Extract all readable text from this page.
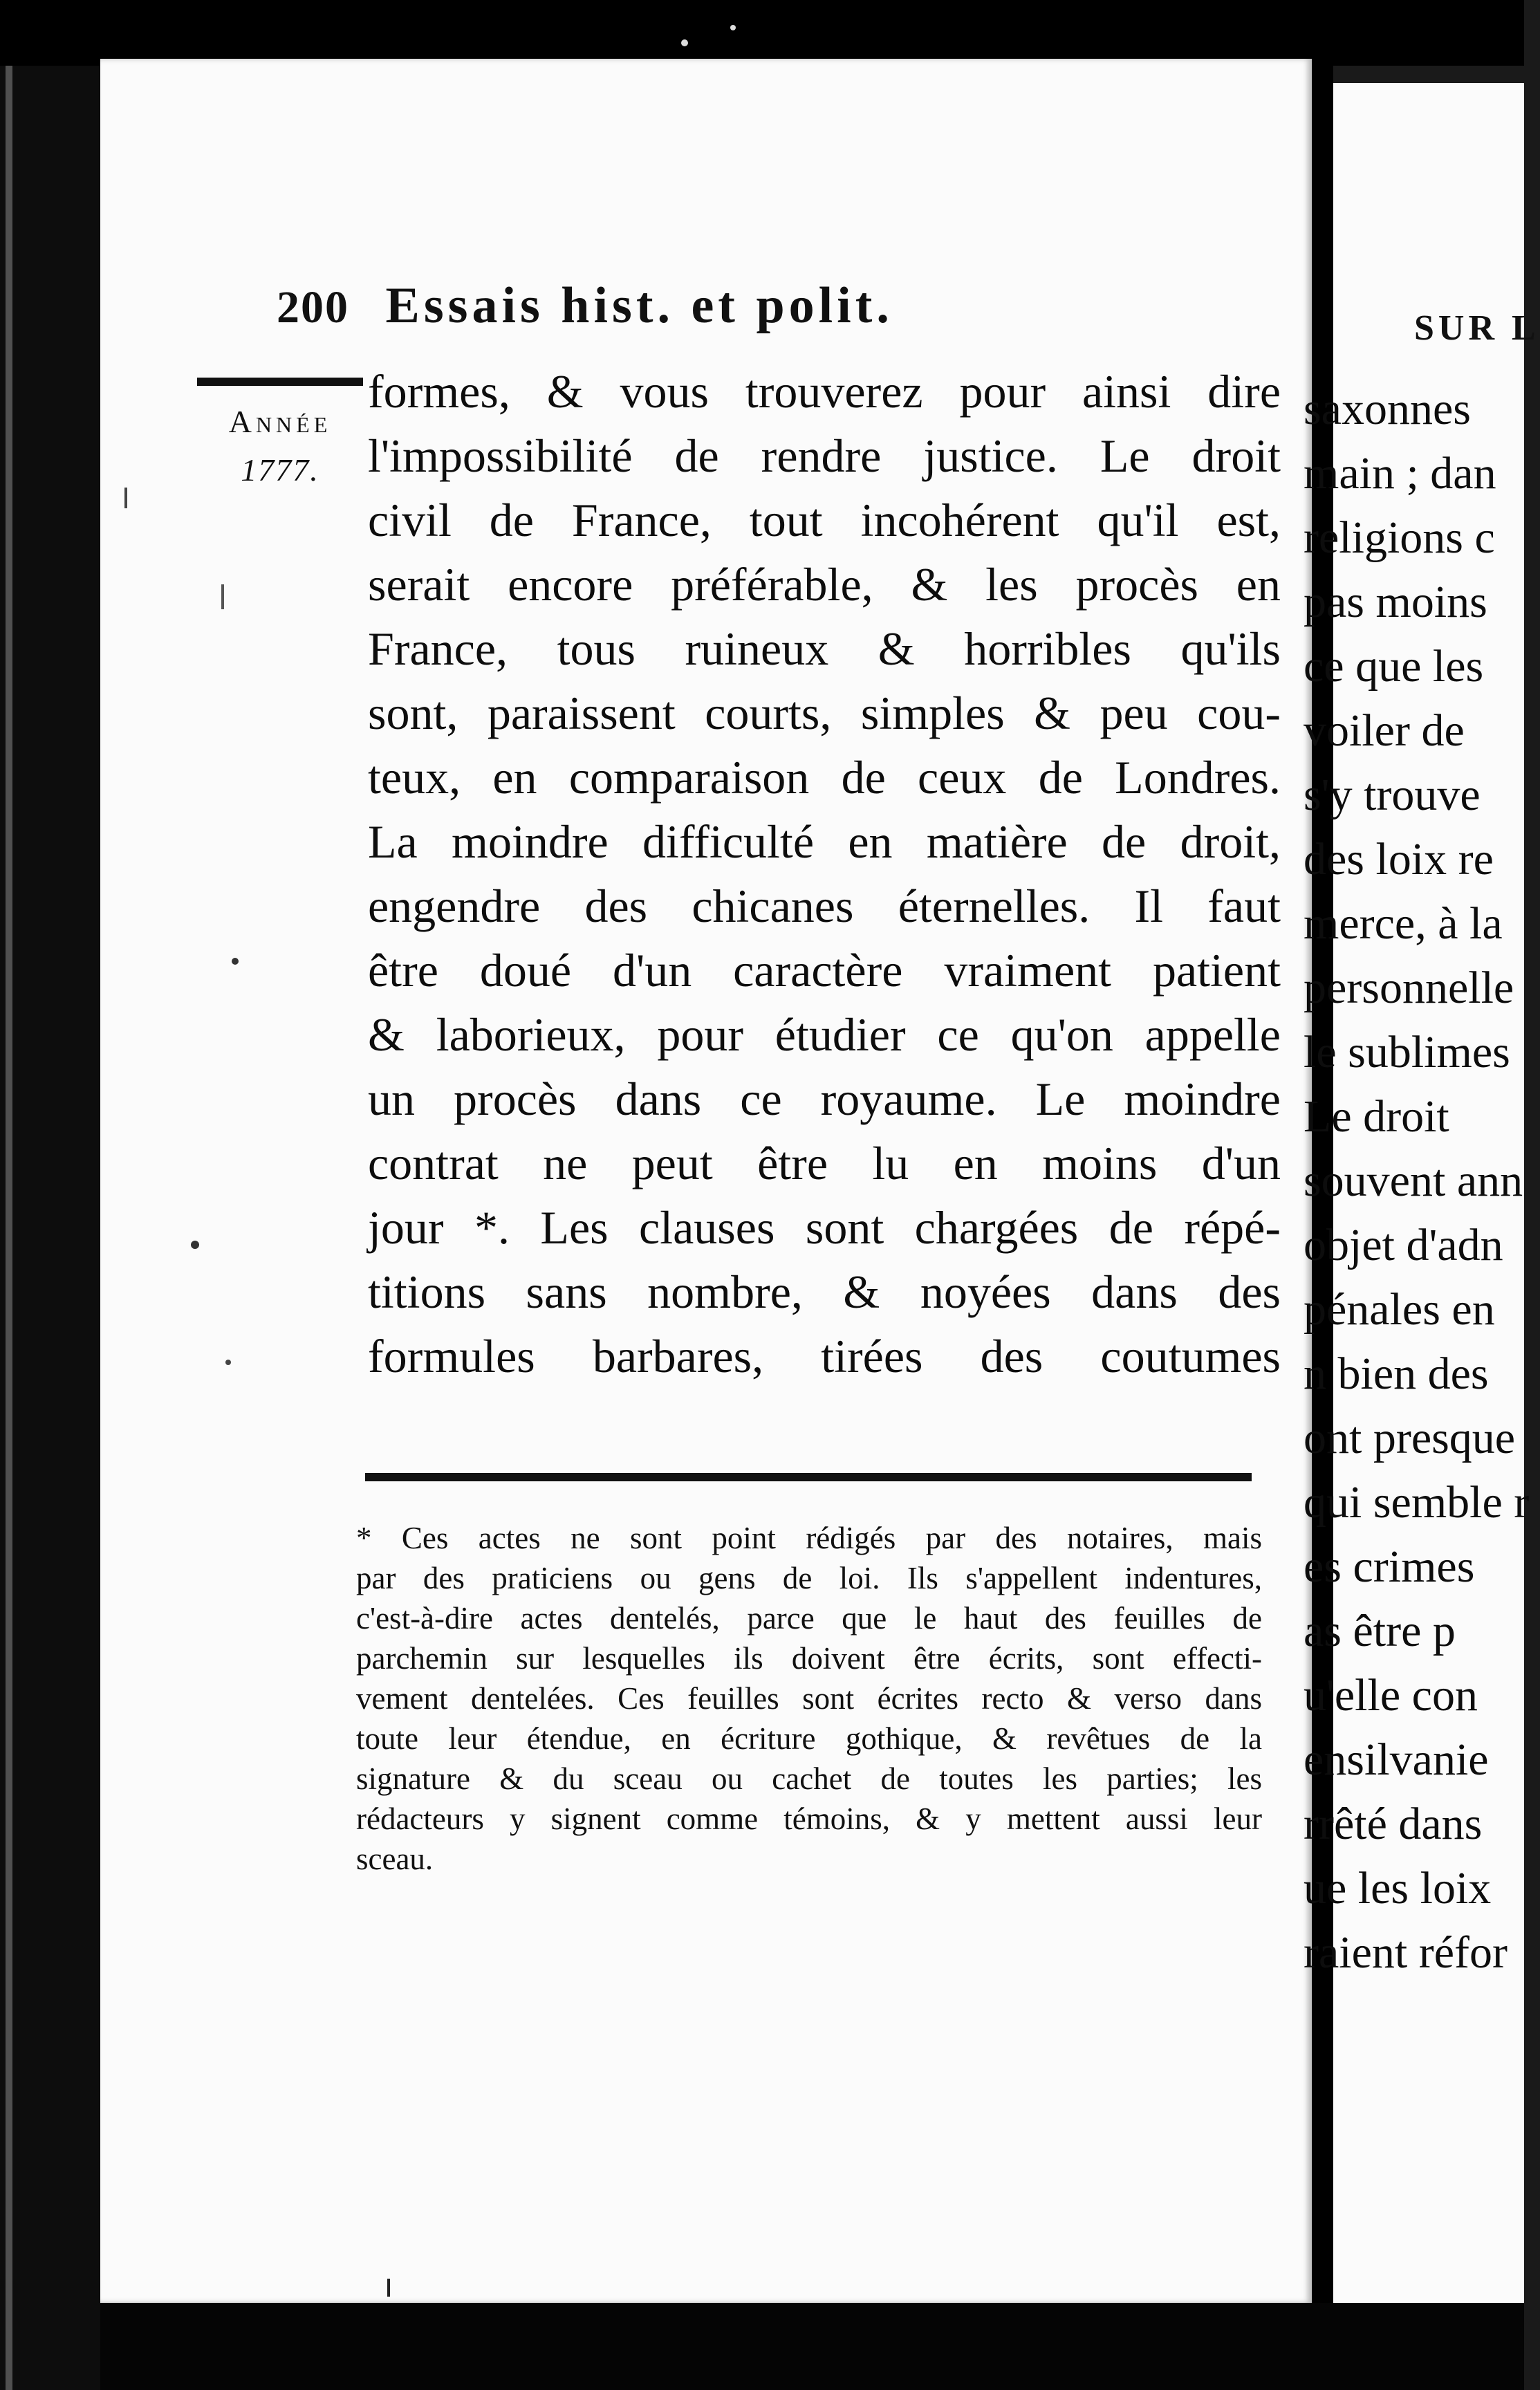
200 Essais hist. et polit.
Année
1777.
formes, & vous trouverez pour ainsi dire
l'impossibilité de rendre justice. Le droit
civil de France, tout incohérent qu'il est,
serait encore préférable, & les procès en
France, tous ruineux & horribles qu'ils
sont, paraissent courts, simples & peu cou-
teux, en comparaison de ceux de Londres.
La moindre difficulté en matière de droit,
engendre des chicanes éternelles. Il faut
être doué d'un caractère vraiment patient
& laborieux, pour étudier ce qu'on appelle
un procès dans ce royaume. Le moindre
contrat ne peut être lu en moins d'un
jour *. Les clauses sont chargées de répé-
titions sans nombre, & noyées dans des
formules barbares, tirées des coutumes
* Ces actes ne sont point rédigés par des notaires, mais
par des praticiens ou gens de loi. Ils s'appellent indentures,
c'est-à-dire actes dentelés, parce que le haut des feuilles de
parchemin sur lesquelles ils doivent être écrits, sont effecti-
vement dentelées. Ces feuilles sont écrites recto & verso dans
toute leur étendue, en écriture gothique, & revêtues de la
signature & du sceau ou cachet de toutes les parties; les
rédacteurs y signent comme témoins, & y mettent aussi leur
sceau.
SUR L
saxonnes
main ; dan
religions c
pas moins
ce que les
voiler de
s'y trouve
des loix re
merce, à la
personnelle
le sublimes
Le droit
souvent ann
objet d'adn
pénales en
n bien des
ont presque
qui semble r
es crimes
as être p
u'elle con
ensilvanie
rrêté dans
ue les loix
raient réfor
